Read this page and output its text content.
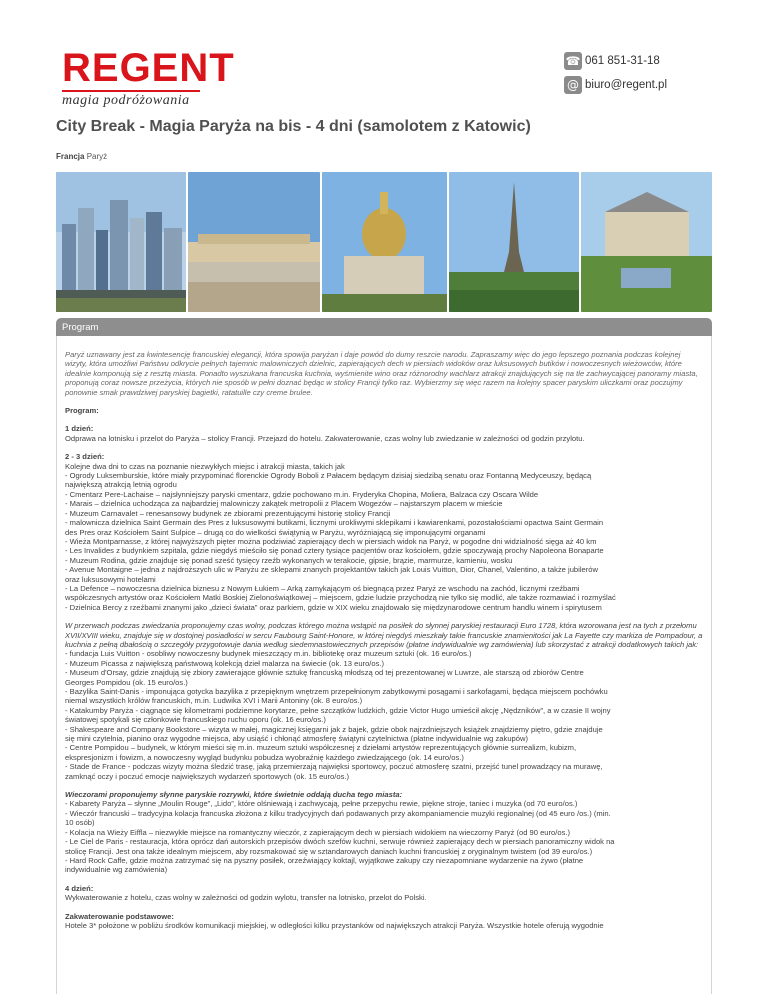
REGENT
magia podróżowania
☎ 061 851-31-18
@ biuro@regent.pl
City Break - Magia Paryża na bis - 4 dni (samolotem z Katowic)
Francja Paryż
Program

Paryż uznawany jest za kwintesencję francuskiej elegancji, która spowija paryżan i daje powód do dumy reszcie narodu. Zapraszamy więc do jego lepszego poznania podczas kolejnej wizyty, która umożliwi Państwu odkrycie pełnych tajemnic malowniczych dzielnic, zapierających dech w piersiach widoków oraz luksusowych butików i nowoczesnych wieżowców, które idealnie komponują się z resztą miasta. Ponadto wyszukana francuska kuchnia, wyśmienite wino oraz różnorodny wachlarz atrakcji znajdujących się na tle zachwycającej panoramy miasta, proponują coraz nowsze przeżycia, których nie sposób w pełni doznać będąc w stolicy Francji tylko raz. Wybierzmy się więc razem na kolejny spacer paryskim uliczkami oraz poczujmy ponownie smak prawdziwej paryskiej bagietki, ratatuille czy creme brulee.

Program:

1 dzień:
Odprawa na lotnisku i przelot do Paryża – stolicy Francji. Przejazd do hotelu. Zakwaterowanie, czas wolny lub zwiedzanie w zależności od godzin przylotu.

2 - 3 dzień:
Kolejne dwa dni to czas na poznanie niezwykłych miejsc i atrakcji miasta, takich jak
- Ogrody Luksemburskie, które miały przypominać florenckie Ogrody Boboli z Pałacem będącym dzisiaj siedzibą senatu oraz Fontanną Medyceuszy, będącą
największą atrakcją letnią ogrodu
- Cmentarz Pere-Lachaise – najsłynniejszy paryski cmentarz, gdzie pochowano m.in. Fryderyka Chopina, Moliera, Balzaca czy Oscara Wilde
- Marais – dzielnica uchodząca za najbardziej malowniczy zakątek metropolii z Placem Wogezów – najstarszym placem w mieście
- Muzeum Carnavalet – renesansowy budynek ze zbiorami prezentującymi historię stolicy Francji
- malownicza dzielnica Saint Germain des Pres z luksusowymi butikami, licznymi urokliwymi sklepikami i kawiarenkami, pozostałościami opactwa Saint Germain
des Pres oraz Kościołem Saint Sulpice – drugą co do wielkości świątynią w Paryżu, wyróżniającą się imponującymi organami
- Wieża Montparnasse, z której najwyższych pięter można podziwiać zapierający dech w piersiach widok na Paryż, w pogodne dni widzialność sięga aż 40 km
- Les Invalides z budynkiem szpitala, gdzie niegdyś mieściło się ponad cztery tysiące pacjentów oraz kościołem, gdzie spoczywają prochy Napoleona Bonaparte
- Muzeum Rodina, gdzie znajduje się ponad sześć tysięcy rzeźb wykonanych w terakocie, gipsie, brązie, marmurze, kamieniu, wosku
- Avenue Montaigne – jedna z najdroższych ulic w Paryżu ze sklepami znanych projektantów takich jak Louis Vuitton, Dior, Chanel, Valentino, a także jubilerów
oraz luksusowymi hotelami
- La Defence – nowoczesna dzielnica biznesu z Nowym Łukiem – Arką zamykającym oś biegnącą przez Paryż ze wschodu na zachód, licznymi rzeźbami
współczesnych artystów oraz Kościołem Matki Boskiej Zielonoświątkowej – miejscem, gdzie ludzie przychodzą nie tylko się modlić, ale także rozmawiać i rozmyślać
- Dzielnica Bercy z rzeźbami znanymi jako „dzieci świata” oraz parkiem, gdzie w XIX wieku znajdowało się międzynarodowe centrum handlu winem i spirytusem

W przerwach podczas zwiedzania proponujemy czas wolny, podczas którego można wstąpić na posiłek do słynnej paryskiej restauracji Euro 1728, która wzorowana jest na tych z przełomu XVII/XVIII wieku, znajduje się w dostojnej posiadłości w sercu Faubourg Saint-Honore, w której niegdyś mieszkały takie francuskie znamienitości jak La Fayette czy markiza de Pompadour, a kuchnia z pełną dbałością o szczegóły przygotowuje dania według siedemnastowiecznych przepisów (płatne indywidualnie wg zamówienia) lub skorzystać z atrakcji dodatkowych takich jak:
- fundacja Luis Vuitton - osobliwy nowoczesny budynek mieszczący m.in. bibliotekę oraz muzeum sztuki (ok. 16 euro/os.)
- Muzeum Picassa z największą państwową kolekcją dzieł malarza na świecie (ok. 13 euro/os.)
- Museum d'Orsay, gdzie znajdują się zbiory zawierające głównie sztukę francuską młodszą od tej prezentowanej w Luwrze, ale starszą od zbiorów Centre
Georges Pompidou (ok. 15 euro/os.)
- Bazylika Saint-Danis - imponująca gotycka bazylika z przepięknym wnętrzem przepełnionym zabytkowymi posągami i sarkofagami, będąca miejscem pochówku
niemal wszystkich królów francuskich, m.in. Ludwika XVI i Marii Antoniny (ok. 8 euro/os.)
- Katakumby Paryża - ciągnące się kilometrami podziemne korytarze, pełne szczątków ludzkich, gdzie Victor Hugo umieścił akcję „Nędzników”, a w czasie II wojny
światowej spotykali się członkowie francuskiego ruchu oporu (ok. 16 euro/os.)
- Shakespeare and Company Bookstore – wizyta w małej, magicznej księgarni jak z bajek, gdzie obok najrzdniejszych książek znajdziemy piętro, gdzie znajduje
się mini czytelnia, pianino oraz wygodne miejsca, aby usiąść i chłonąć atmosferę świątyni czytelnictwa (płatne indywidualnie wg zakupów)
- Centre Pompidou – budynek, w którym mieści się m.in. muzeum sztuki współczesnej z dziełami artystów reprezentujących głównie surrealizm, kubizm,
ekspresjonizm i fowizm, a nowoczesny wygląd budynku pobudza wyobraźnię każdego zwiedzającego (ok. 14 euro/os.)
- Stade de France - podczas wizyty można śledzić trasę, jaką przemierzają najwięksi sportowcy, poczuć atmosferę szatni, przejść tunel prowadzący na murawę,
zamknąć oczy i poczuć emocje największych wydarzeń sportowych (ok. 15 euro/os.)

Wieczorami proponujemy słynne paryskie rozrywki, które świetnie oddają ducha tego miasta:
- Kabarety Paryża – słynne „Moulin Rouge”, „Lido”, które olśniewają i zachwycają, pełne przepychu rewie, piękne stroje, taniec i muzyka (od 70 euro/os.)
- Wieczór francuski – tradycyjna kolacja francuska złożona z kilku tradycyjnych dań podawanych przy akompaniamencie muzyki regionalnej (od 45 euro /os.) (min.
10 osób)
- Kolacja na Wieży Eiffla – niezwykłe miejsce na romantyczny wieczór, z zapierającym dech w piersiach widokiem na wieczorny Paryż (od 90 euro/os.)
- Le Ciel de Paris - restauracja, która oprócz dań autorskich przepisów dwóch szefów kuchni, serwuje również zapierający dech w piersiach panoramiczny widok na
stolicę Francji. Jest ona także idealnym miejscem, aby rozsmakować się w sztandarowych daniach kuchni francuskiej z oryginalnym twistem (od 39 euro/os.)
- Hard Rock Caffe, gdzie można zatrzymać się na pyszny posiłek, orzeźwiający koktajl, wyjątkowe zakupy czy niezapomniane wydarzenie na żywo (płatne
indywidualnie wg zamówienia)

4 dzień:
Wykwaterowanie z hotelu, czas wolny w zależności od godzin wylotu, transfer na lotnisko, przelot do Polski.

Zakwaterowanie podstawowe:
Hotele 3* położone w pobliżu środków komunikacji miejskiej, w odległości kilku przystanków od największych atrakcji Paryża. Wszystkie hotele oferują wygodnie
